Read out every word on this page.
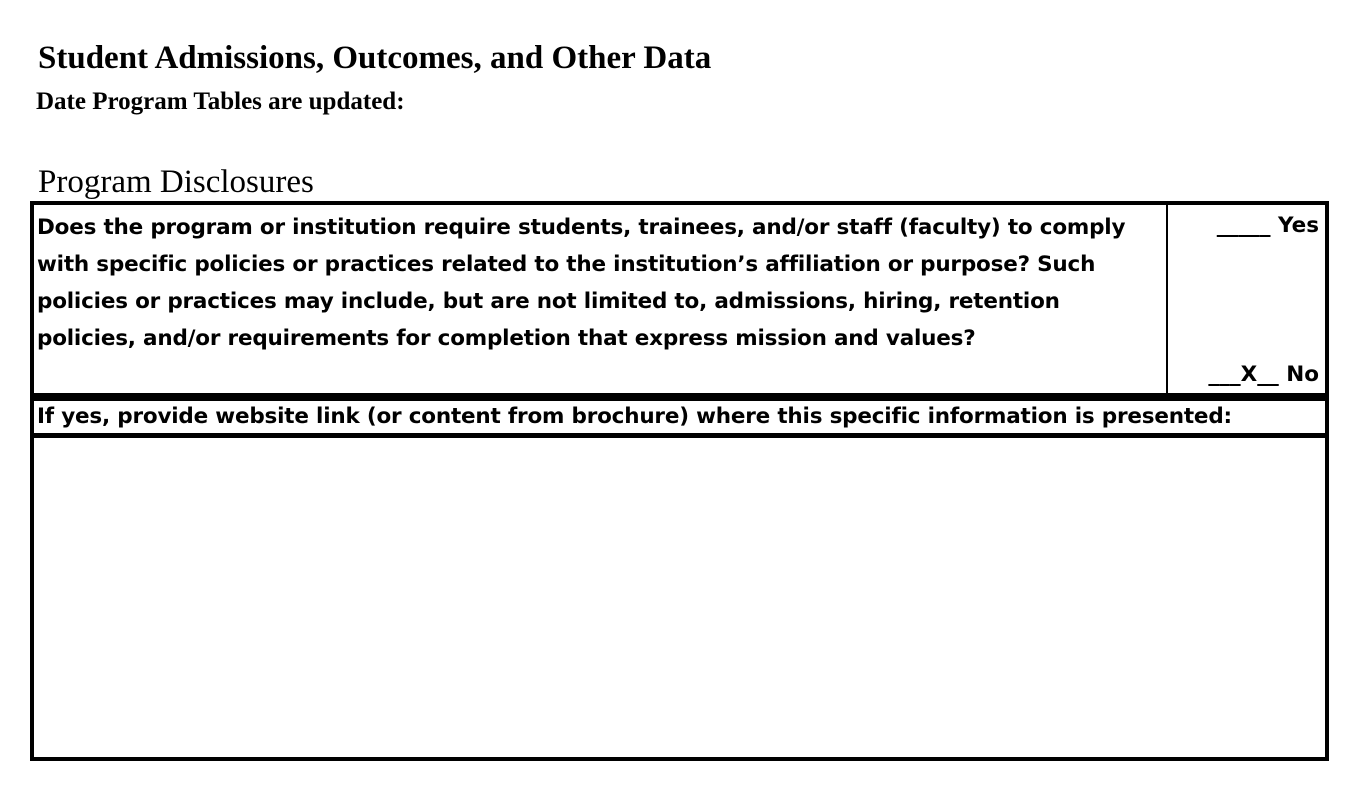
Student Admissions, Outcomes, and Other Data
Date Program Tables are updated:
Program Disclosures
Does the program or institution require students, trainees, and/or staff (faculty) to comply with specific policies or practices related to the institution’s affiliation or purpose? Such policies or practices may include, but are not limited to, admissions, hiring, retention policies, and/or requirements for completion that express mission and values?
_____ Yes
___X__ No
If yes, provide website link (or content from brochure) where this specific information is presented:
